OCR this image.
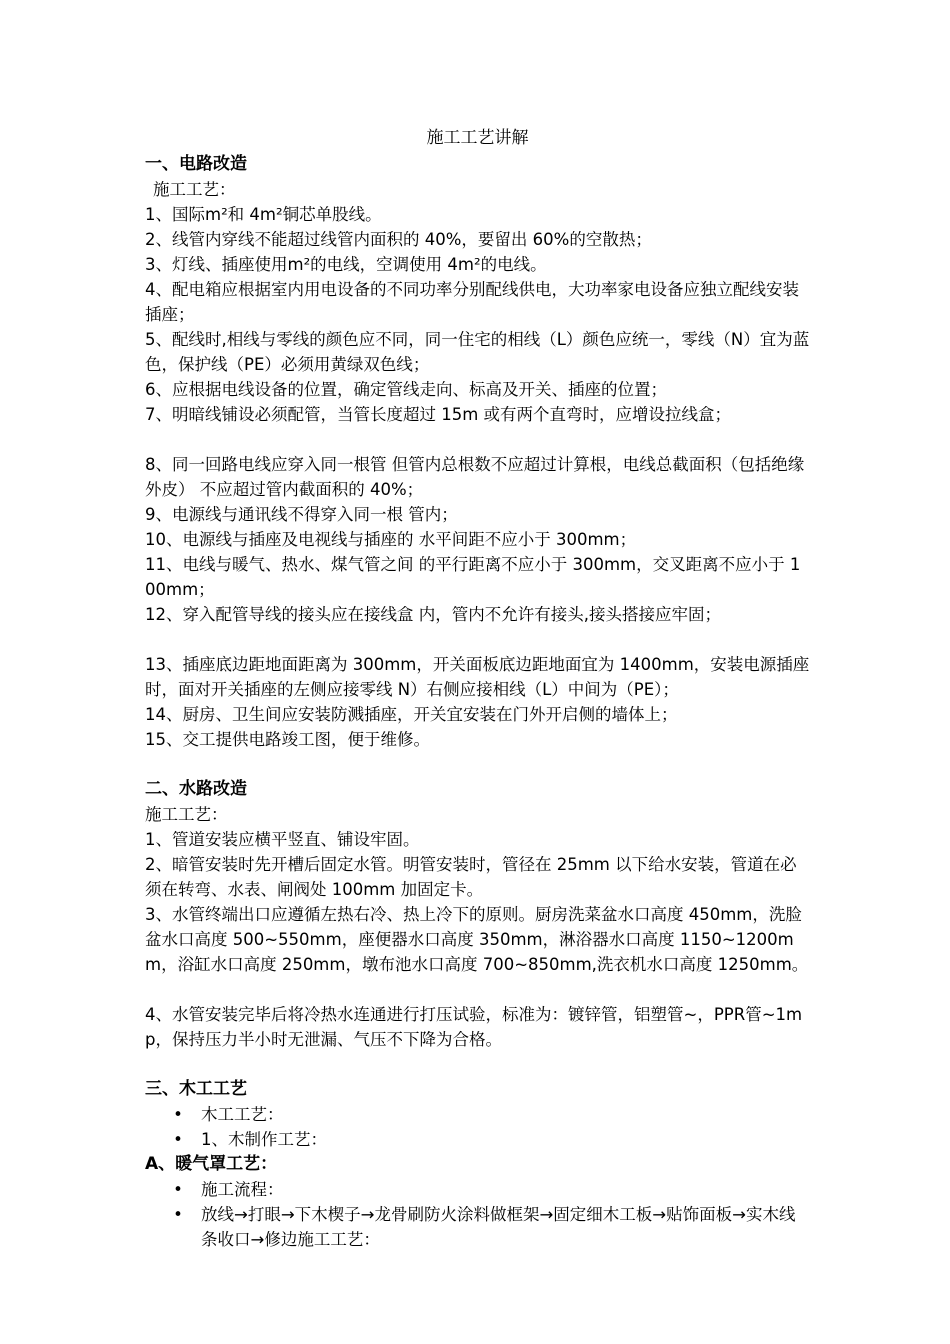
施工工艺讲解
一、电路改造
施工工艺：
1、国际m²和 4m²铜芯单股线。
2、线管内穿线不能超过线管内面积的 40%，要留出 60%的空散热；
3、灯线、插座使用m²的电线，空调使用 4m²的电线。
4、配电箱应根据室内用电设备的不同功率分别配线供电，大功率家电设备应独立配线安装插座；
5、配线时,相线与零线的颜色应不同，同一住宅的相线（L）颜色应统一，零线（N）宜为蓝色，保护线（PE）必须用黄绿双色线；
6、应根据电线设备的位置，确定管线走向、标高及开关、插座的位置；
7、明暗线铺设必须配管，当管长度超过 15m 或有两个直弯时，应增设拉线盒；
8、同一回路电线应穿入同一根管 但管内总根数不应超过计算根，电线总截面积（包括绝缘外皮） 不应超过管内截面积的 40%；
9、电源线与通讯线不得穿入同一根 管内；
10、电源线与插座及电视线与插座的 水平间距不应小于 300mm；
11、电线与暖气、热水、煤气管之间 的平行距离不应小于 300mm，交叉距离不应小于 100mm；
12、穿入配管导线的接头应在接线盒 内，管内不允许有接头,接头搭接应牢固；
13、插座底边距地面距离为 300mm，开关面板底边距地面宜为 1400mm，安装电源插座时，面对开关插座的左侧应接零线 N）右侧应接相线（L）中间为（PE）；
14、厨房、卫生间应安装防溅插座，开关宜安装在门外开启侧的墙体上；
15、交工提供电路竣工图，便于维修。
二、水路改造
施工工艺：
1、管道安装应横平竖直、铺设牢固。
2、暗管安装时先开槽后固定水管。明管安装时，管径在 25mm 以下给水安装，管道在必须在转弯、水表、闸阀处 100mm 加固定卡。
3、水管终端出口应遵循左热右冷、热上冷下的原则。厨房洗菜盆水口高度 450mm，洗脸盆水口高度 500~550mm，座便器水口高度 350mm，淋浴器水口高度 1150~1200mm，浴缸水口高度 250mm，墩布池水口高度 700~850mm,洗衣机水口高度 1250mm。
4、水管安装完毕后将冷热水连通进行打压试验，标准为：镀锌管，铝塑管~，PPR管~1mp，保持压力半小时无泄漏、气压不下降为合格。
三、木工工艺
• 木工工艺：
• 1、木制作工艺：
A、暖气罩工艺：
• 施工流程：
• 放线→打眼→下木楔子→龙骨刷防火涂料做框架→固定细木工板→贴饰面板→实木线条收口→修边施工工艺：
